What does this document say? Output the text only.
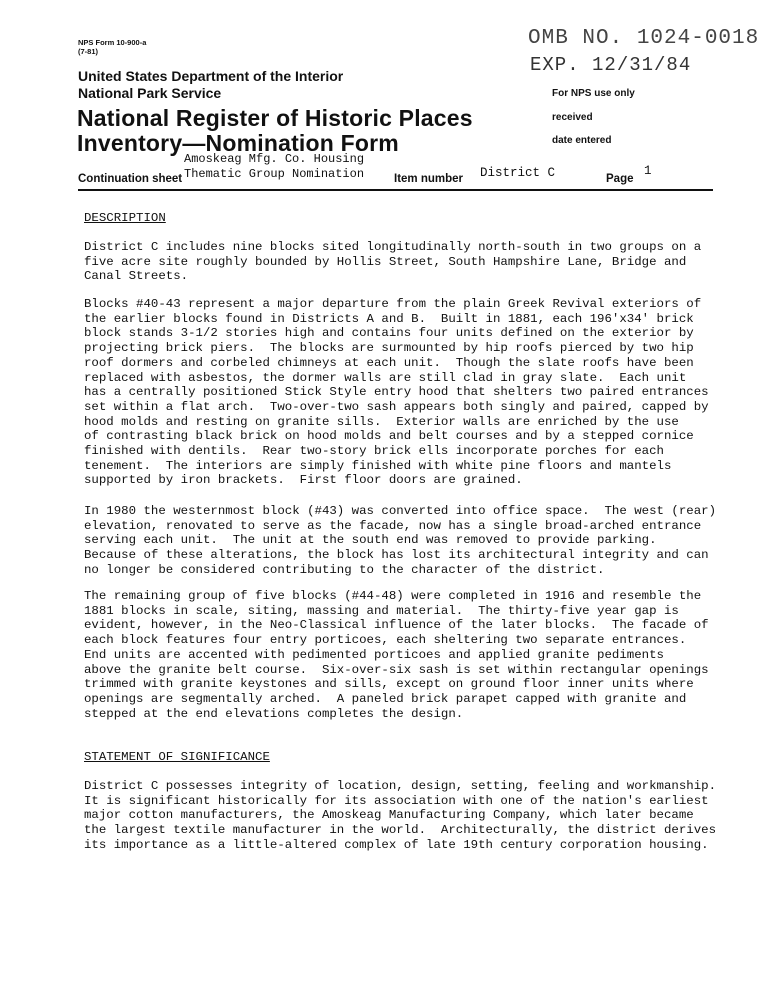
NPS Form 10-900-a
(7-81)
OMB NO. 1024-0018
EXP. 12/31/84
United States Department of the Interior
National Park Service
National Register of Historic Places
Inventory—Nomination Form
For NPS use only
received
date entered
Continuation sheet
Amoskeag Mfg. Co. Housing
Thematic Group Nomination	Item number District C	Page
1
DESCRIPTION
District C includes nine blocks sited longitudinally north-south in two groups on a
five acre site roughly bounded by Hollis Street, South Hampshire Lane, Bridge and
Canal Streets.
Blocks #40-43 represent a major departure from the plain Greek Revival exteriors of
the earlier blocks found in Districts A and B.  Built in 1881, each 196'x34' brick
block stands 3-1/2 stories high and contains four units defined on the exterior by
projecting brick piers.  The blocks are surmounted by hip roofs pierced by two hip
roof dormers and corbeled chimneys at each unit.  Though the slate roofs have been
replaced with asbestos, the dormer walls are still clad in gray slate.  Each unit
has a centrally positioned Stick Style entry hood that shelters two paired entrances
set within a flat arch.  Two-over-two sash appears both singly and paired, capped by
hood molds and resting on granite sills.  Exterior walls are enriched by the use
of contrasting black brick on hood molds and belt courses and by a stepped cornice
finished with dentils.  Rear two-story brick ells incorporate porches for each
tenement.  The interiors are simply finished with white pine floors and mantels
supported by iron brackets.  First floor doors are grained.
In 1980 the westernmost block (#43) was converted into office space.  The west (rear)
elevation, renovated to serve as the facade, now has a single broad-arched entrance
serving each unit.  The unit at the south end was removed to provide parking.
Because of these alterations, the block has lost its architectural integrity and can
no longer be considered contributing to the character of the district.
The remaining group of five blocks (#44-48) were completed in 1916 and resemble the
1881 blocks in scale, siting, massing and material.  The thirty-five year gap is
evident, however, in the Neo-Classical influence of the later blocks.  The facade of
each block features four entry porticoes, each sheltering two separate entrances.
End units are accented with pedimented porticoes and applied granite pediments
above the granite belt course.  Six-over-six sash is set within rectangular openings
trimmed with granite keystones and sills, except on ground floor inner units where
openings are segmentally arched.  A paneled brick parapet capped with granite and
stepped at the end elevations completes the design.
STATEMENT OF SIGNIFICANCE
District C possesses integrity of location, design, setting, feeling and workmanship.
It is significant historically for its association with one of the nation's earliest
major cotton manufacturers, the Amoskeag Manufacturing Company, which later became
the largest textile manufacturer in the world.  Architecturally, the district derives
its importance as a little-altered complex of late 19th century corporation housing.
